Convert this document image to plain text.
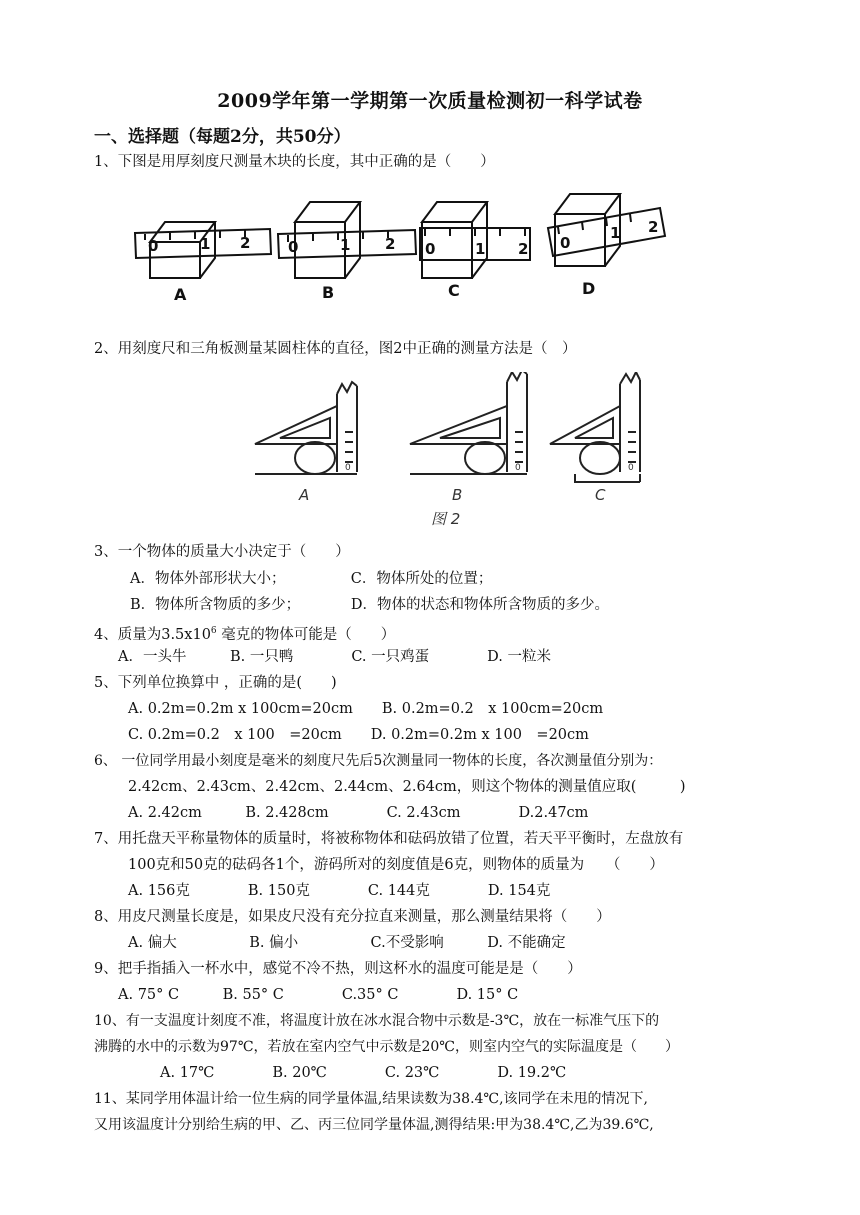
2009学年第一学期第一次质量检测初一科学试卷
一、选择题（每题2分，共50分）
1、下图是用厚刻度尺测量木块的长度，其中正确的是（　　）
0	1 2	0	1 2 0	1 2 0
1 2
A	B	C	D
2、用刻度尺和三角板测量某圆柱体的直径，图2中正确的测量方法是（　）
A	B	C
图 2
0	0	0
3、一个物体的质量大小决定于（　　）
A．物体外部形状大小；　　　　　C．物体所处的位置；
B．物体所含物质的多少；　　　　D．物体的状态和物体所含物质的多少。
4、质量为$3.5x10^6$ 毫克的物体可能是（　　）
A．一头牛　　　B. 一只鸭　　　　C. 一只鸡蛋　　　　D. 一粒米
5、下列单位换算中 ，正确的是(　　)
A. 0.2m=0.2m x 100cm=20cm　　B. 0.2m=0.2　x 100cm=20cm
C. 0.2m=0.2　x 100　=20cm　　D. 0.2m=0.2m x 100　=20cm
6、 一位同学用最小刻度是毫米的刻度尺先后5次测量同一物体的长度，各次测量值分别为：
2.42cm、2.43cm、2.42cm、2.44cm、2.64cm，则这个物体的测量值应取(　　　)
A. 2.42cm　　　B. 2.428cm　　　　C. 2.43cm　　　　D.2.47cm
7、用托盘天平称量物体的质量时，将被称物体和砝码放错了位置，若天平平衡时，左盘放有
100克和50克的砝码各1个，游码所对的刻度值是6克，则物体的质量为　　（　　）
A. 156克　　　　B. 150克　　　　C. 144克　　　　D. 154克
8、用皮尺测量长度是，如果皮尺没有充分拉直来测量，那么测量结果将（　　）
A. 偏大　　　　　B. 偏小　　　　　C.不受影响　　　D. 不能确定
9、把手指插入一杯水中，感觉不冷不热，则这杯水的温度可能是是（　　）
A. 75° C　　　B. 55° C　　　　C.35° C　　　　D. 15° C
10、有一支温度计刻度不准，将温度计放在冰水混合物中示数是-3℃，放在一标准气压下的
沸腾的水中的示数为97℃，若放在室内空气中示数是20℃，则室内空气的实际温度是（　　）
A. 17℃　　　　B. 20℃　　　　C. 23℃　　　　D. 19.2℃
11、某同学用体温计给一位生病的同学量体温,结果读数为38.4℃,该同学在未甩的情况下,
又用该温度计分别给生病的甲、乙、丙三位同学量体温,测得结果:甲为38.4℃,乙为39.6℃,
